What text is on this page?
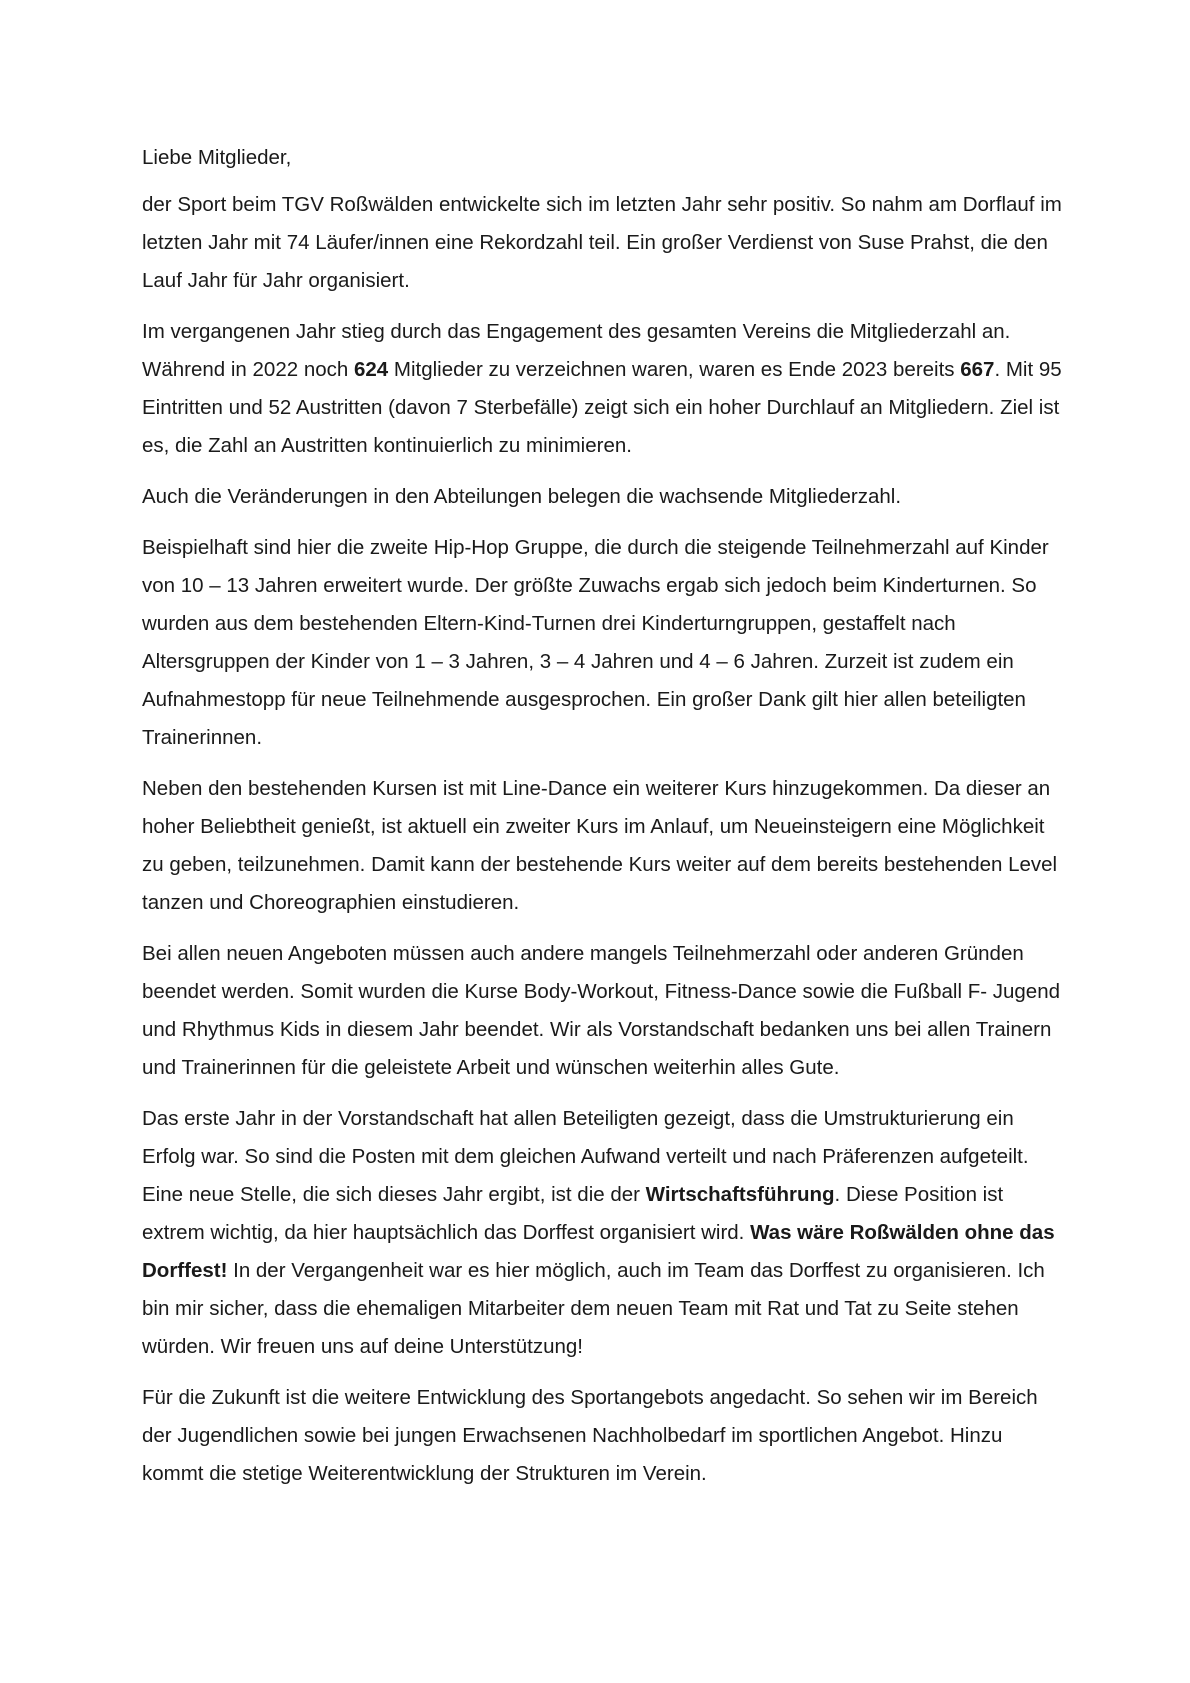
Liebe Mitglieder,

der Sport beim TGV Roßwälden entwickelte sich im letzten Jahr sehr positiv. So nahm am Dorflauf im letzten Jahr mit 74 Läufer/innen eine Rekordzahl teil. Ein großer Verdienst von Suse Prahst, die den Lauf Jahr für Jahr organisiert.

Im vergangenen Jahr stieg durch das Engagement des gesamten Vereins die Mitgliederzahl an. Während in 2022 noch 624 Mitglieder zu verzeichnen waren, waren es Ende 2023 bereits 667. Mit 95 Eintritten und 52 Austritten (davon 7 Sterbefälle) zeigt sich ein hoher Durchlauf an Mitgliedern. Ziel ist es, die Zahl an Austritten kontinuierlich zu minimieren.

Auch die Veränderungen in den Abteilungen belegen die wachsende Mitgliederzahl.

Beispielhaft sind hier die zweite Hip-Hop Gruppe, die durch die steigende Teilnehmerzahl auf Kinder von 10 – 13 Jahren erweitert wurde. Der größte Zuwachs ergab sich jedoch beim Kinderturnen. So wurden aus dem bestehenden Eltern-Kind-Turnen drei Kinderturngruppen, gestaffelt nach Altersgruppen der Kinder von 1 – 3 Jahren, 3 – 4 Jahren und 4 – 6 Jahren. Zurzeit ist zudem ein Aufnahmestopp für neue Teilnehmende ausgesprochen. Ein großer Dank gilt hier allen beteiligten Trainerinnen.

Neben den bestehenden Kursen ist mit Line-Dance ein weiterer Kurs hinzugekommen. Da dieser an hoher Beliebtheit genießt, ist aktuell ein zweiter Kurs im Anlauf, um Neueinsteigern eine Möglichkeit zu geben, teilzunehmen. Damit kann der bestehende Kurs weiter auf dem bereits bestehenden Level tanzen und Choreographien einstudieren.

Bei allen neuen Angeboten müssen auch andere mangels Teilnehmerzahl oder anderen Gründen beendet werden. Somit wurden die Kurse Body-Workout, Fitness-Dance sowie die Fußball F- Jugend und Rhythmus Kids in diesem Jahr beendet. Wir als Vorstandschaft bedanken uns bei allen Trainern und Trainerinnen für die geleistete Arbeit und wünschen weiterhin alles Gute.

Das erste Jahr in der Vorstandschaft hat allen Beteiligten gezeigt, dass die Umstrukturierung ein Erfolg war. So sind die Posten mit dem gleichen Aufwand verteilt und nach Präferenzen aufgeteilt. Eine neue Stelle, die sich dieses Jahr ergibt, ist die der Wirtschaftsführung. Diese Position ist extrem wichtig, da hier hauptsächlich das Dorffest organisiert wird. Was wäre Roßwälden ohne das Dorffest! In der Vergangenheit war es hier möglich, auch im Team das Dorffest zu organisieren. Ich bin mir sicher, dass die ehemaligen Mitarbeiter dem neuen Team mit Rat und Tat zu Seite stehen würden. Wir freuen uns auf deine Unterstützung!

Für die Zukunft ist die weitere Entwicklung des Sportangebots angedacht. So sehen wir im Bereich der Jugendlichen sowie bei jungen Erwachsenen Nachholbedarf im sportlichen Angebot. Hinzu kommt die stetige Weiterentwicklung der Strukturen im Verein.
